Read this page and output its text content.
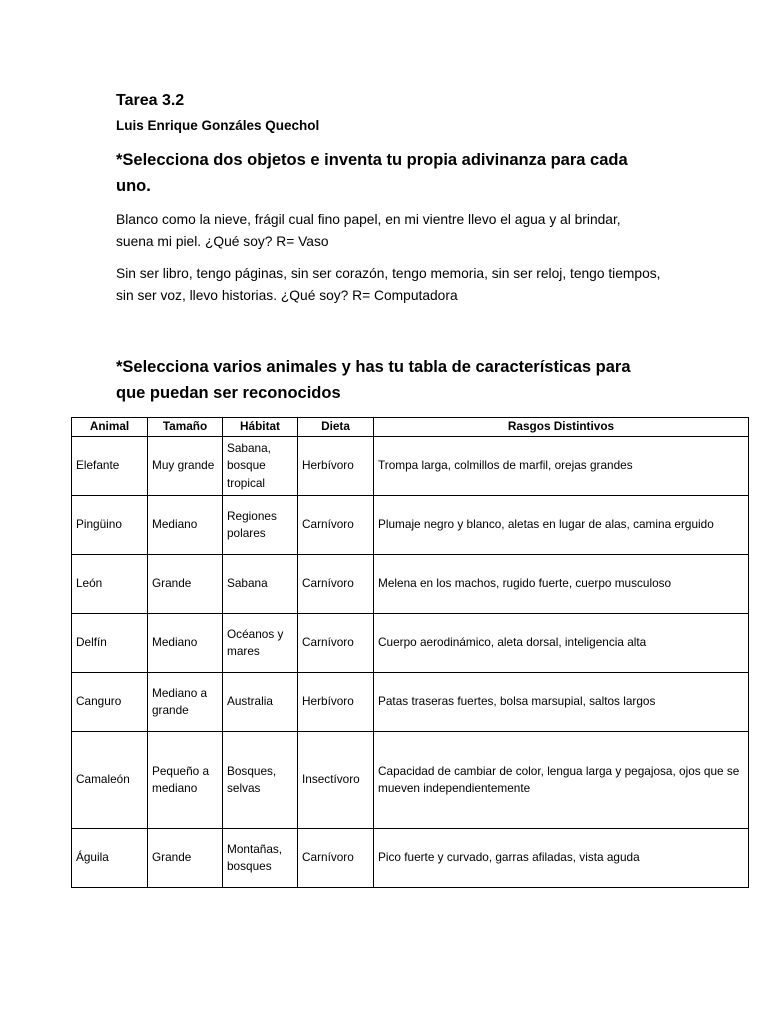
Tarea 3.2

Luis Enrique Gonzáles Quechol

*Selecciona dos objetos e inventa tu propia adivinanza para cada uno.

Blanco como la nieve, frágil cual fino papel, en mi vientre llevo el agua y al brindar, suena mi piel. ¿Qué soy? R= Vaso

Sin ser libro, tengo páginas, sin ser corazón, tengo memoria, sin ser reloj, tengo tiempos, sin ser voz, llevo historias. ¿Qué soy? R= Computadora

*Selecciona varios animales y has tu tabla de características para que puedan ser reconocidos
Animal	Tamaño	Hábitat	Dieta	Rasgos Distintivos
Elefante	Muy grande	Sabana, bosque tropical	Herbívoro	Trompa larga, colmillos de marfil, orejas grandes
Pingüino	Mediano	Regiones polares	Carnívoro	Plumaje negro y blanco, aletas en lugar de alas, camina erguido
León	Grande	Sabana	Carnívoro	Melena en los machos, rugido fuerte, cuerpo musculoso
Delfín	Mediano	Océanos y mares	Carnívoro	Cuerpo aerodinámico, aleta dorsal, inteligencia alta
Canguro	Mediano a grande	Australia	Herbívoro	Patas traseras fuertes, bolsa marsupial, saltos largos
Camaleón	Pequeño a mediano	Bosques, selvas	Insectívoro	Capacidad de cambiar de color, lengua larga y pegajosa, ojos que se mueven independientemente
Águila	Grande	Montañas, bosques	Carnívoro	Pico fuerte y curvado, garras afiladas, vista aguda
